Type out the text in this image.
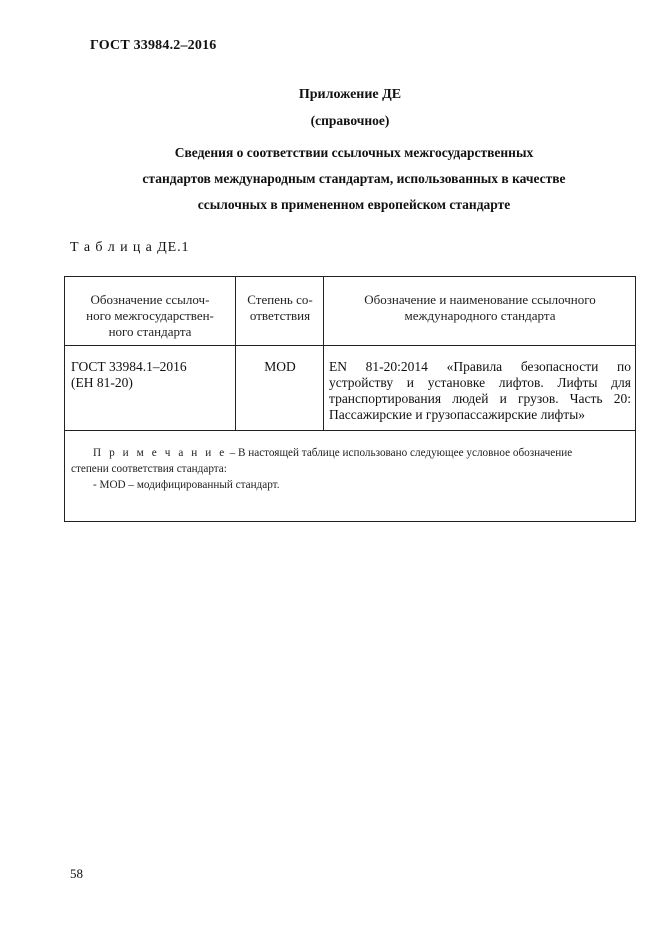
ГОСТ 33984.2–2016
Приложение ДЕ
(справочное)
Сведения о соответствии ссылочных межгосударственных
стандартов международным стандартам, использованных в качестве
ссылочных в примененном европейском стандарте
Т а б л и ц а ДЕ.1
Обозначение ссылоч-
ного межгосударствен-
ного стандарта
Степень со-
ответствия
Обозначение и наименование ссылочного
международного стандарта
ГОСТ 33984.1–2016
(ЕН 81-20)
MOD	EN 81-20:2014 «Правила безопасности по
устройству и установке лифтов. Лифты для
транспортирования людей и грузов. Часть 20:
Пассажирские и грузопассажирские лифты»
П р и м е ч а н и е – В настоящей таблице использовано следующее условное обозначение
степени соответствия стандарта:
- MOD – модифицированный стандарт.
58
